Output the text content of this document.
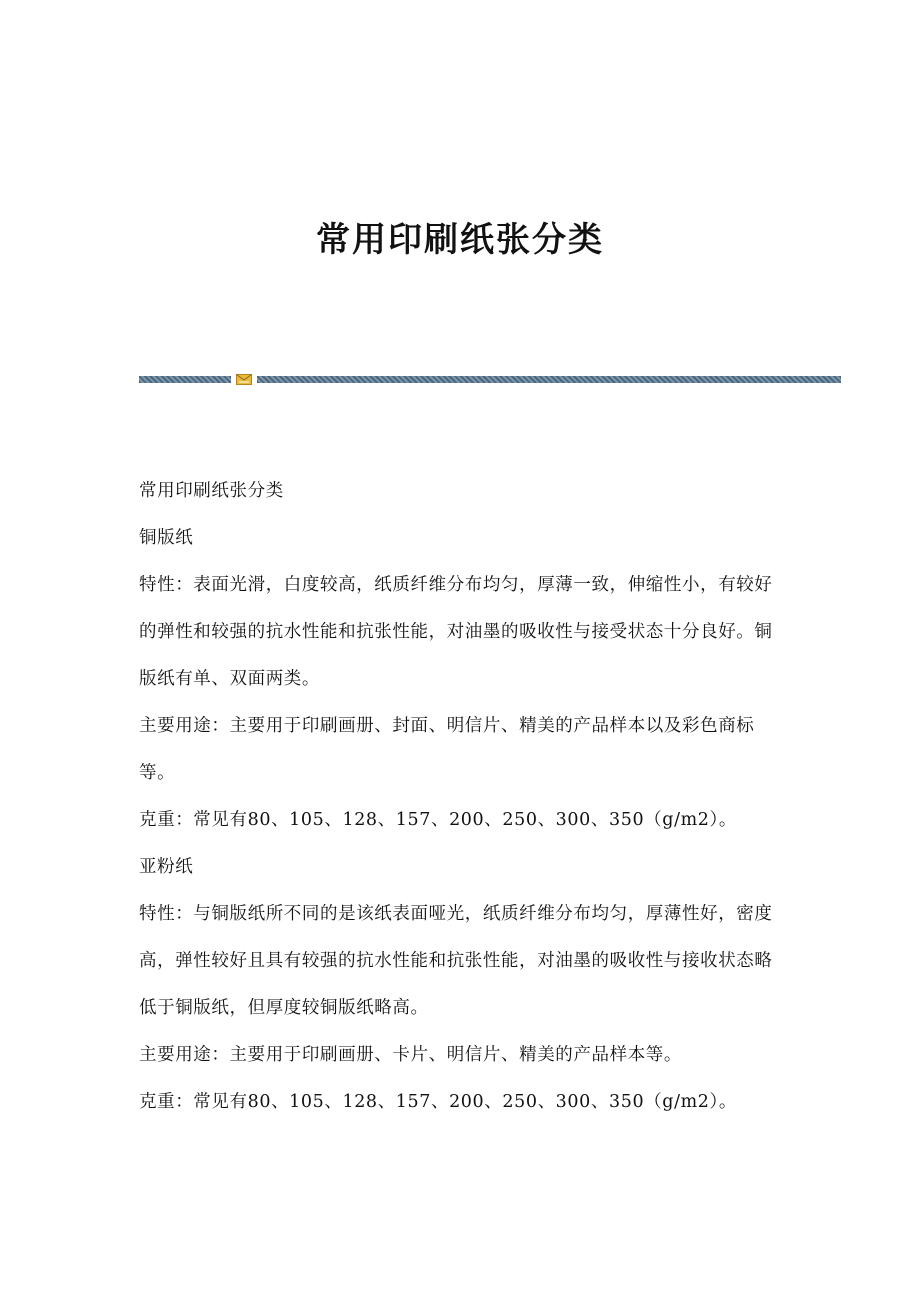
常用印刷纸张分类

常用印刷纸张分类

铜版纸

特性：表面光滑，白度较高，纸质纤维分布均匀，厚薄一致，伸缩性小，有较好的弹性和较强的抗水性能和抗张性能，对油墨的吸收性与接受状态十分良好。铜版纸有单、双面两类。

主要用途：主要用于印刷画册、封面、明信片、精美的产品样本以及彩色商标等。

克重：常见有80、105、128、157、200、250、300、350（g/m2）。

亚粉纸

特性：与铜版纸所不同的是该纸表面哑光，纸质纤维分布均匀，厚薄性好，密度高，弹性较好且具有较强的抗水性能和抗张性能，对油墨的吸收性与接收状态略低于铜版纸，但厚度较铜版纸略高。

主要用途：主要用于印刷画册、卡片、明信片、精美的产品样本等。

克重：常见有80、105、128、157、200、250、300、350（g/m2）。
